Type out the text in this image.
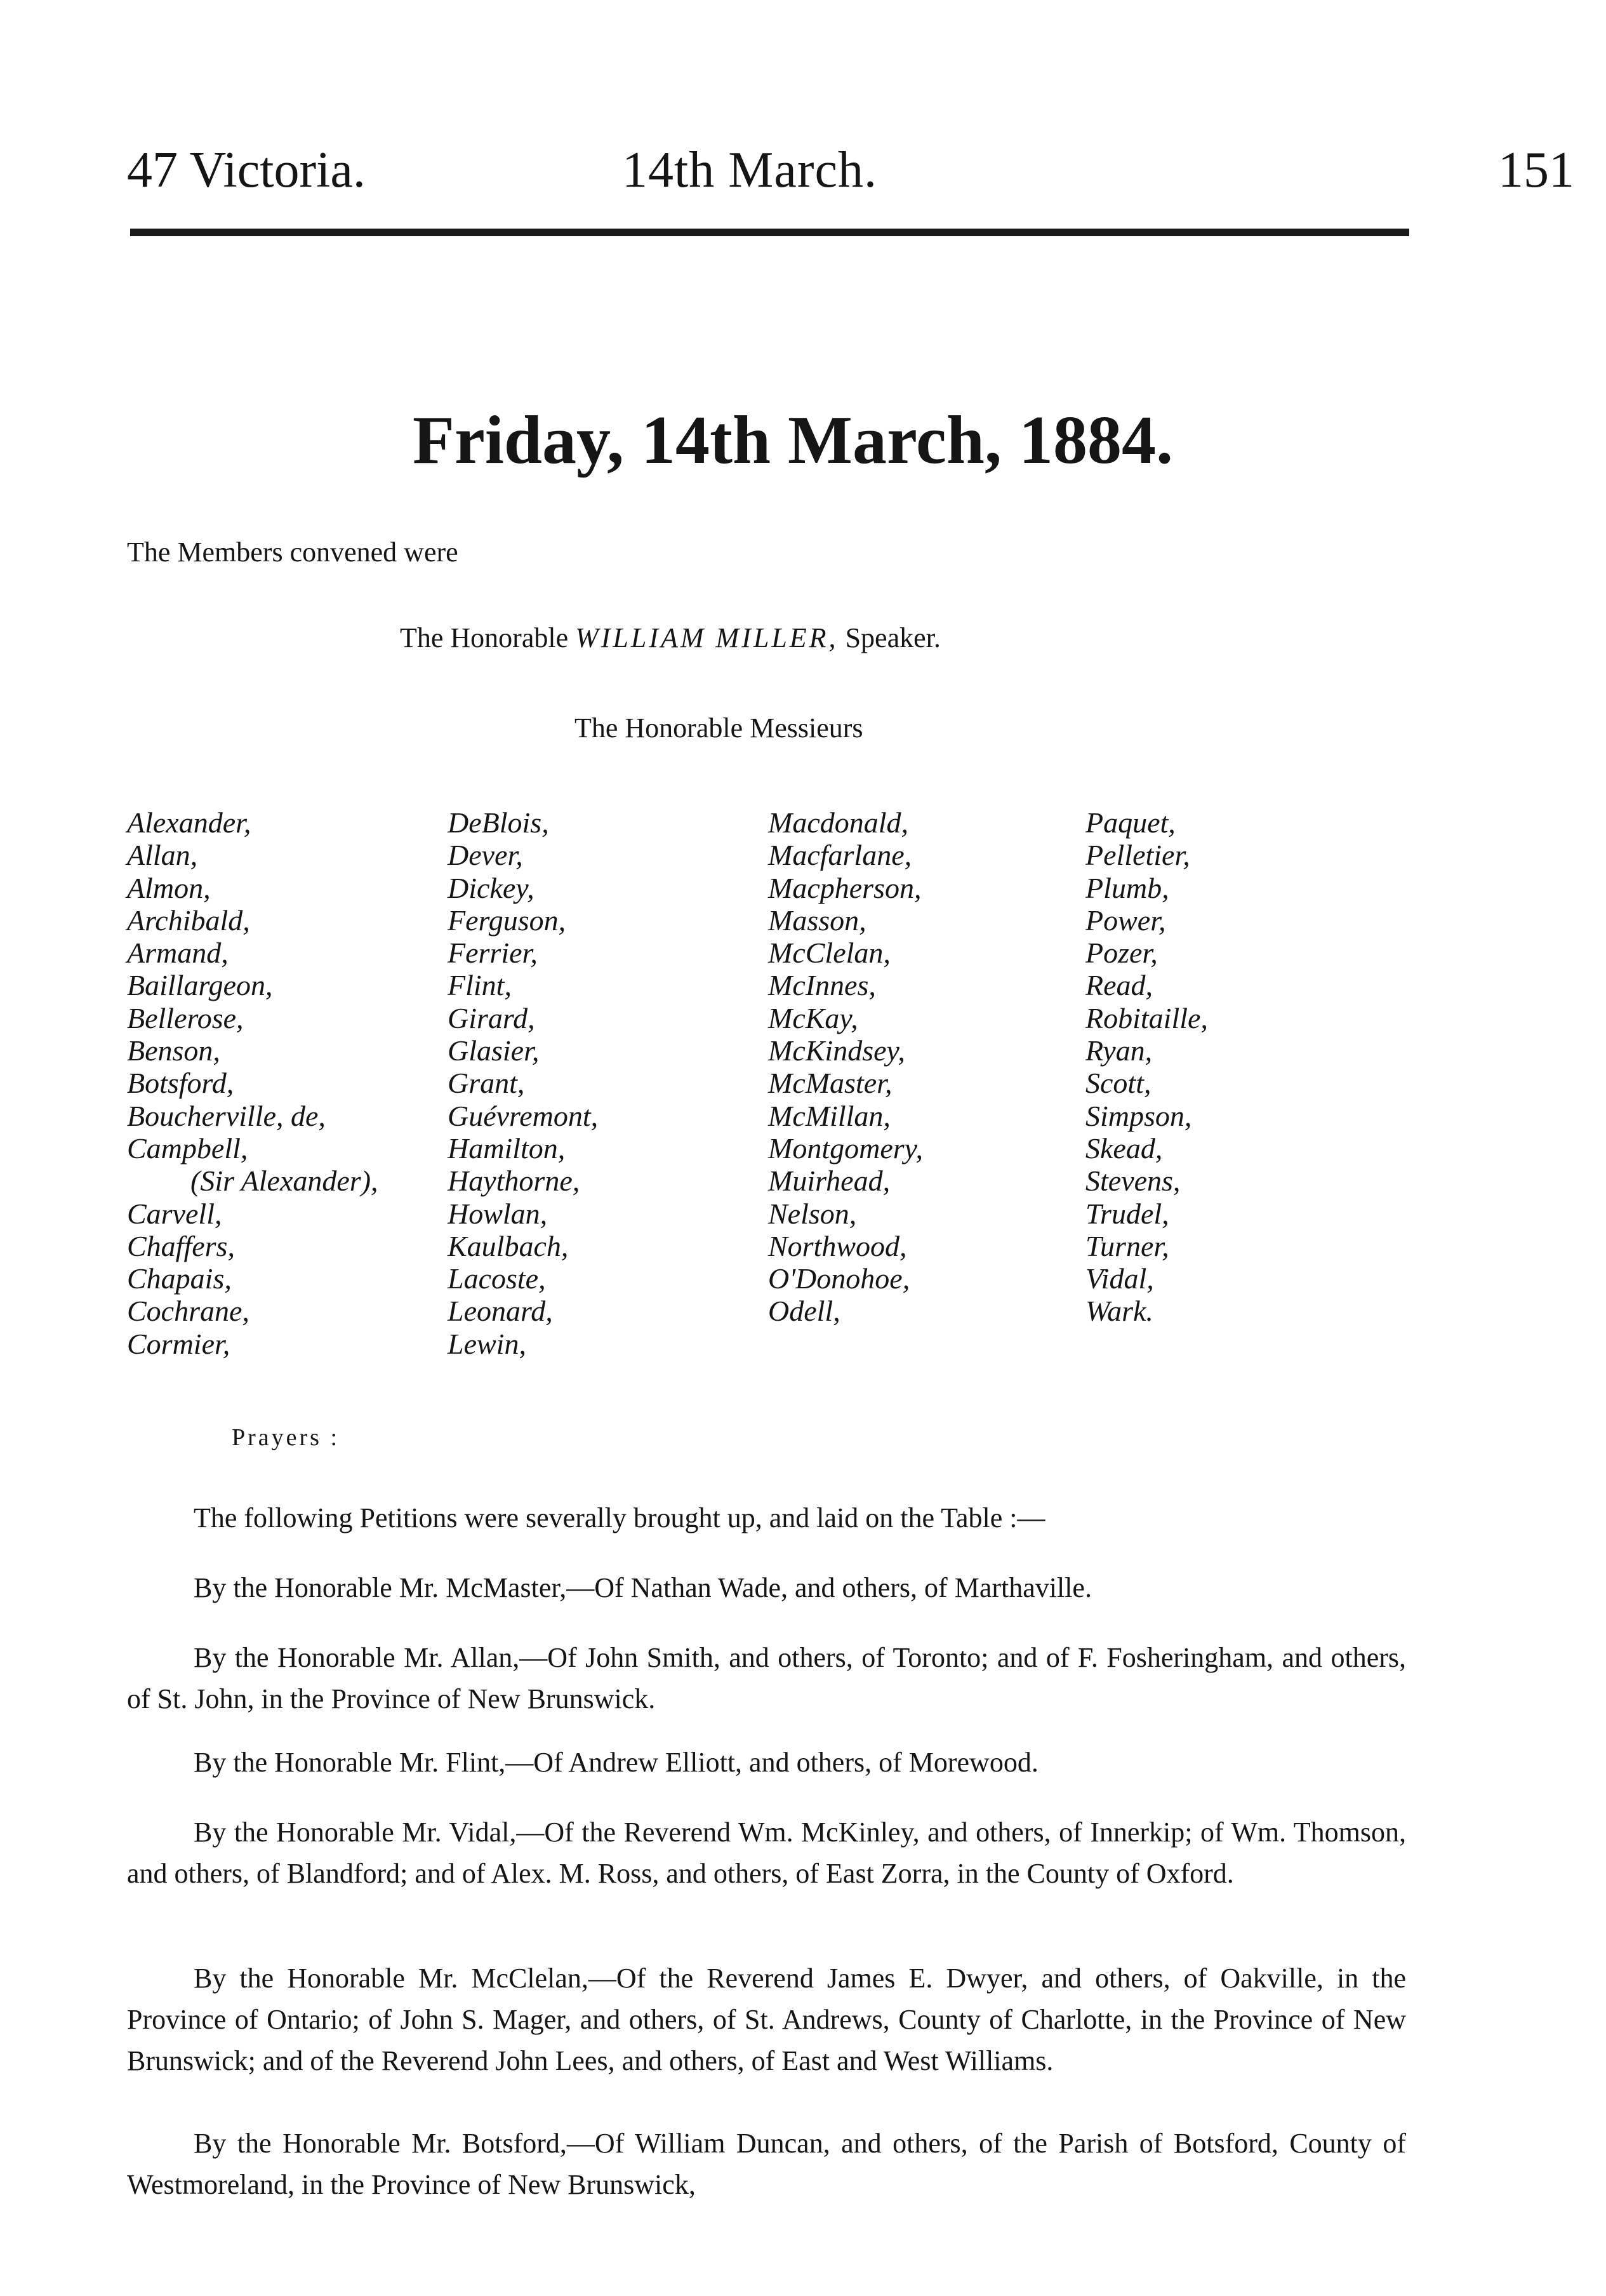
47 Victoria.	14th March.	151
Friday, 14th March, 1884.
The Members convened were
The Honorable WILLIAM MILLER, Speaker.
The Honorable Messieurs
Alexander,
Allan,
Almon,
Archibald,
Armand,
Baillargeon,
Bellerose,
Benson,
Botsford,
Boucherville, de,
Campbell,
(Sir Alexander),
Carvell,
Chaffers,
Chapais,
Cochrane,
Cormier,
DeBlois,
Dever,
Dickey,
Ferguson,
Ferrier,
Flint,
Girard,
Glasier,
Grant,
Guévremont,
Hamilton,
Haythorne,
Howlan,
Kaulbach,
Lacoste,
Leonard,
Lewin,
Macdonald,
Macfarlane,
Macpherson,
Masson,
McClelan,
McInnes,
McKay,
McKindsey,
McMaster,
McMillan,
Montgomery,
Muirhead,
Nelson,
Northwood,
O'Donohoe,
Odell,
Paquet,
Pelletier,
Plumb,
Power,
Pozer,
Read,
Robitaille,
Ryan,
Scott,
Simpson,
Skead,
Stevens,
Trudel,
Turner,
Vidal,
Wark.
Prayers :

The following Petitions were severally brought up, and laid on the Table :—

By the Honorable Mr. McMaster,—Of Nathan Wade, and others, of Marthaville.

By the Honorable Mr. Allan,—Of John Smith, and others, of Toronto; and of F. Fosheringham, and others, of St. John, in the Province of New Brunswick.

By the Honorable Mr. Flint,—Of Andrew Elliott, and others, of Morewood.

By the Honorable Mr. Vidal,—Of the Reverend Wm. McKinley, and others, of Innerkip; of Wm. Thomson, and others, of Blandford; and of Alex. M. Ross, and others, of East Zorra, in the County of Oxford.

By the Honorable Mr. McClelan,—Of the Reverend James E. Dwyer, and others, of Oakville, in the Province of Ontario; of John S. Mager, and others, of St. Andrews, County of Charlotte, in the Province of New Brunswick; and of the Reverend John Lees, and others, of East and West Williams.

By the Honorable Mr. Botsford,—Of William Duncan, and others, of the Parish of Botsford, County of Westmoreland, in the Province of New Brunswick,
